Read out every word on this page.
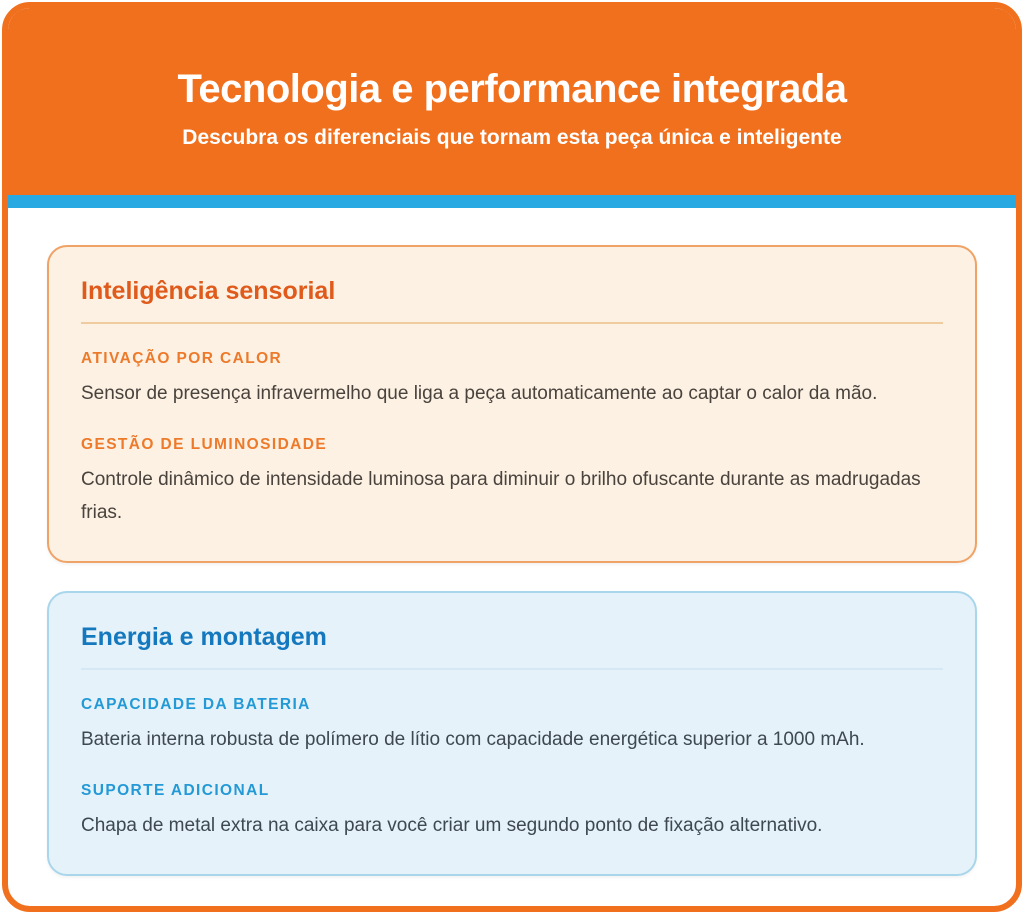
Tecnologia e performance integrada

Descubra os diferenciais que tornam esta peça única e inteligente

Inteligência sensorial
ATIVAÇÃO POR CALOR

Sensor de presença infravermelho que liga a peça automaticamente ao captar o calor da mão.

GESTÃO DE LUMINOSIDADE

Controle dinâmico de intensidade luminosa para diminuir o brilho ofuscante durante as madrugadas frias.

Energia e montagem
CAPACIDADE DA BATERIA

Bateria interna robusta de polímero de lítio com capacidade energética superior a 1000 mAh.

SUPORTE ADICIONAL

Chapa de metal extra na caixa para você criar um segundo ponto de fixação alternativo.
